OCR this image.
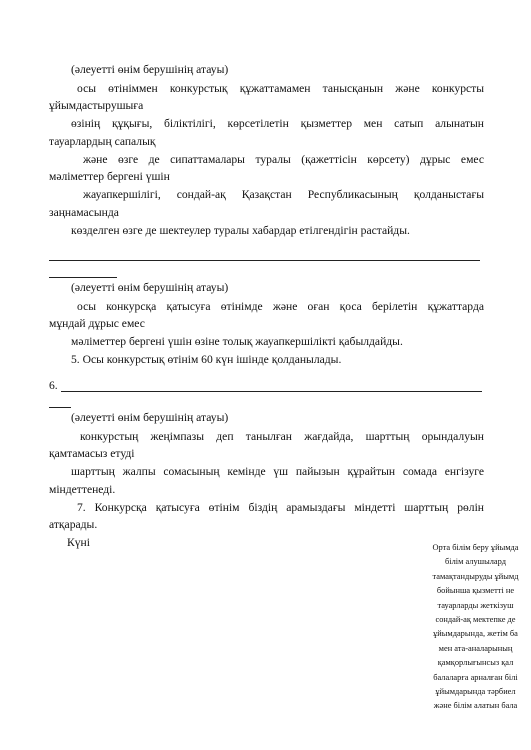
(әлеуетті өнім берушінің атауы)

осы өтініммен конкурстық құжаттамамен танысқанын және конкурсты

ұйымдастырушыға

өзінің құқығы, біліктілігі, көрсетілетін қызметтер мен сатып алынатын

тауарлардың сапалық

және өзге де сипаттамалары туралы (қажеттісін көрсету) дұрыс емес

мәліметтер бергені үшін

жауапкершілігі, сондай-ақ Қазақстан Республикасының қолданыстағы

заңнамасында

көзделген өзге де шектеулер туралы хабардар етілгендігін растайды.

(әлеуетті өнім берушінің атауы)

осы конкурсқа қатысуға өтінімде және оған қоса берілетін құжаттарда

мұндай дұрыс емес

мәліметтер бергені үшін өзіне толық жауапкершілікті қабылдайды.

5. Осы конкурстық өтінім 60 күн ішінде қолданылады.

6.

(әлеуетті өнім берушінің атауы)

конкурстың жеңімпазы деп танылған жағдайда, шарттың орындалуын

қамтамасыз етуді

шарттың жалпы сомасының кемінде үш пайызын құрайтын сомада енгізуге

міндеттенеді.

7. Конкурсқа қатысуға өтінім біздің арамыздағы міндетті шарттың рөлін

атқарады.

Күні	Орта білім беру ұйымда
білім алушылард
тамақтандыруды ұйымд
бойынша қызметті не
тауарларды жеткізуш
сондай-ақ мектепке де
ұйымдарында, жетім ба
мен ата-аналарының
қамқорлығынсыз қал
балаларға арналған білі
ұйымдарында тәрбиел
және білім алатын бала
